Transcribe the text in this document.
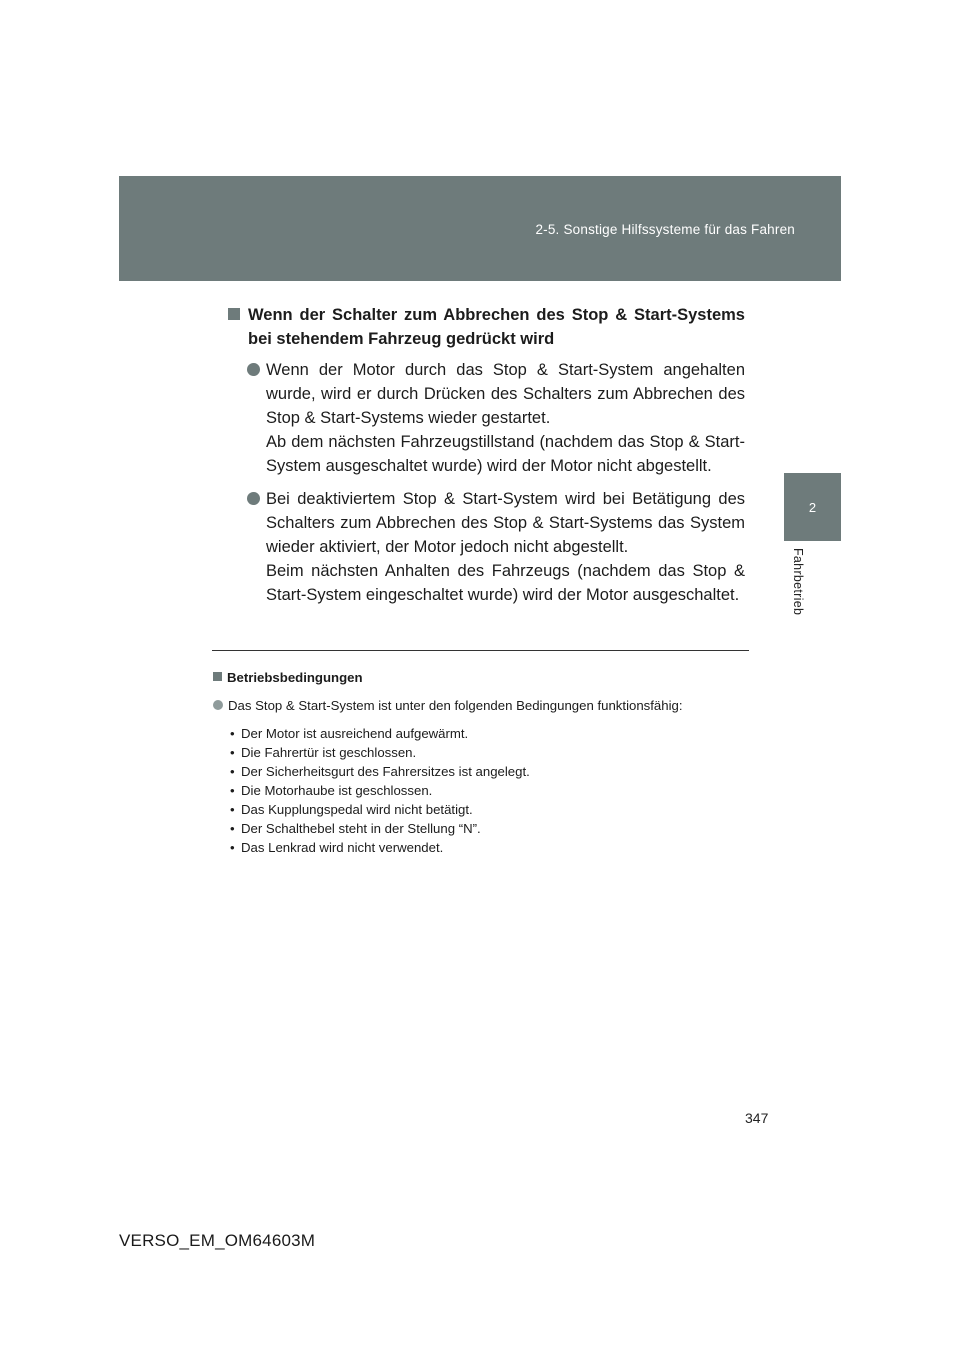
2-5. Sonstige Hilfssysteme für das Fahren
2
Fahrbetrieb
Wenn der Schalter zum Abbrechen des Stop & Start-Systems bei stehendem Fahrzeug gedrückt wird

Wenn der Motor durch das Stop & Start-System angehalten wurde, wird er durch Drücken des Schalters zum Abbrechen des Stop & Start-Systems wieder gestartet.

Ab dem nächsten Fahrzeugstillstand (nachdem das Stop & Start-System ausgeschaltet wurde) wird der Motor nicht abgestellt.

Bei deaktiviertem Stop & Start-System wird bei Betätigung des Schalters zum Abbrechen des Stop & Start-Systems das System wieder aktiviert, der Motor jedoch nicht abgestellt.

Beim nächsten Anhalten des Fahrzeugs (nachdem das Stop & Start-System eingeschaltet wurde) wird der Motor ausgeschaltet.

Betriebsbedingungen
Das Stop & Start-System ist unter den folgenden Bedingungen funktionsfähig:
• Der Motor ist ausreichend aufgewärmt.
• Die Fahrertür ist geschlossen.
• Der Sicherheitsgurt des Fahrersitzes ist angelegt.
• Die Motorhaube ist geschlossen.
• Das Kupplungspedal wird nicht betätigt.
• Der Schalthebel steht in der Stellung “N”.
• Das Lenkrad wird nicht verwendet.
347
VERSO_EM_OM64603M
